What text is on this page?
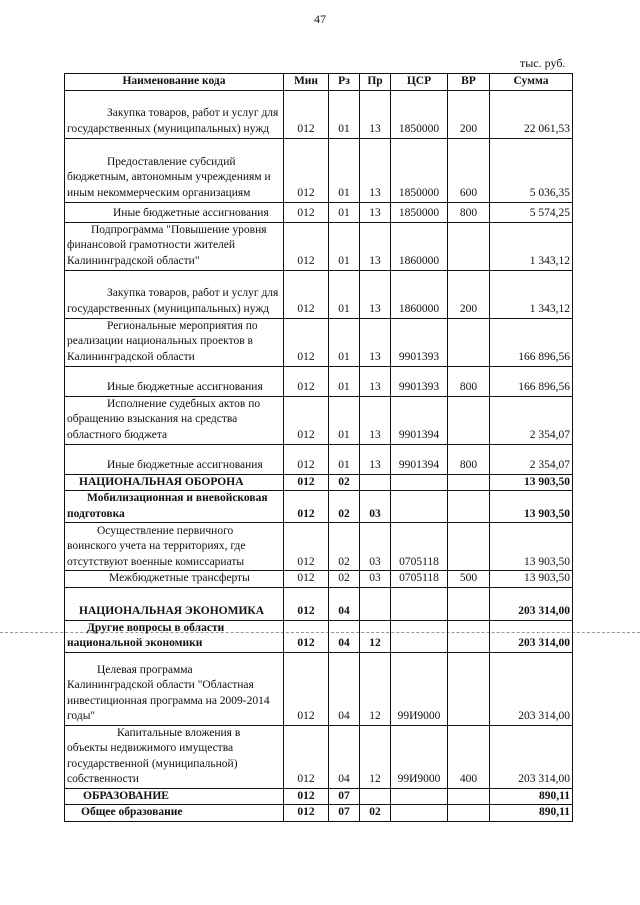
47
тыс. руб.
Наименование кода	Мин	Рз	Пр	ЦСР	ВР	Сумма
Закупка товаров, работ и услуг для государственных (муниципальных) нужд	012	01	13	1850000	200	22 061,53
Предоставление субсидий бюджетным, автономным учреждениям и иным некоммерческим организациям	012	01	13	1850000	600	5 036,35
Иные бюджетные ассигнования	012	01	13	1850000	800	5 574,25
Подпрограмма "Повышение уровня финансовой грамотности жителей Калининградской области"	012	01	13	1860000		1 343,12
Закупка товаров, работ и услуг для государственных (муниципальных) нужд	012	01	13	1860000	200	1 343,12
Региональные мероприятия по реализации национальных проектов в Калининградской области	012	01	13	9901393		166 896,56
Иные бюджетные ассигнования	012	01	13	9901393	800	166 896,56
Исполнение судебных актов по обращению взыскания на средства областного бюджета	012	01	13	9901394		2 354,07
Иные бюджетные ассигнования	012	01	13	9901394	800	2 354,07
НАЦИОНАЛЬНАЯ ОБОРОНА	012	02				13 903,50
Мобилизационная и вневойсковая подготовка	012	02	03			13 903,50
Осуществление первичного воинского учета на территориях, где отсутствуют военные комиссариаты	012	02	03	0705118		13 903,50
Межбюджетные трансферты	012	02	03	0705118	500	13 903,50
НАЦИОНАЛЬНАЯ ЭКОНОМИКА	012	04				203 314,00
Другие вопросы в области национальной экономики	012	04	12			203 314,00
Целевая программа Калининградской области "Областная инвестиционная программа на 2009-2014 годы"	012	04	12	99И9000		203 314,00
Капитальные вложения в объекты недвижимого имущества государственной (муниципальной) собственности	012	04	12	99И9000	400	203 314,00
ОБРАЗОВАНИЕ	012	07				890,11
Общее образование	012	07	02			890,11
